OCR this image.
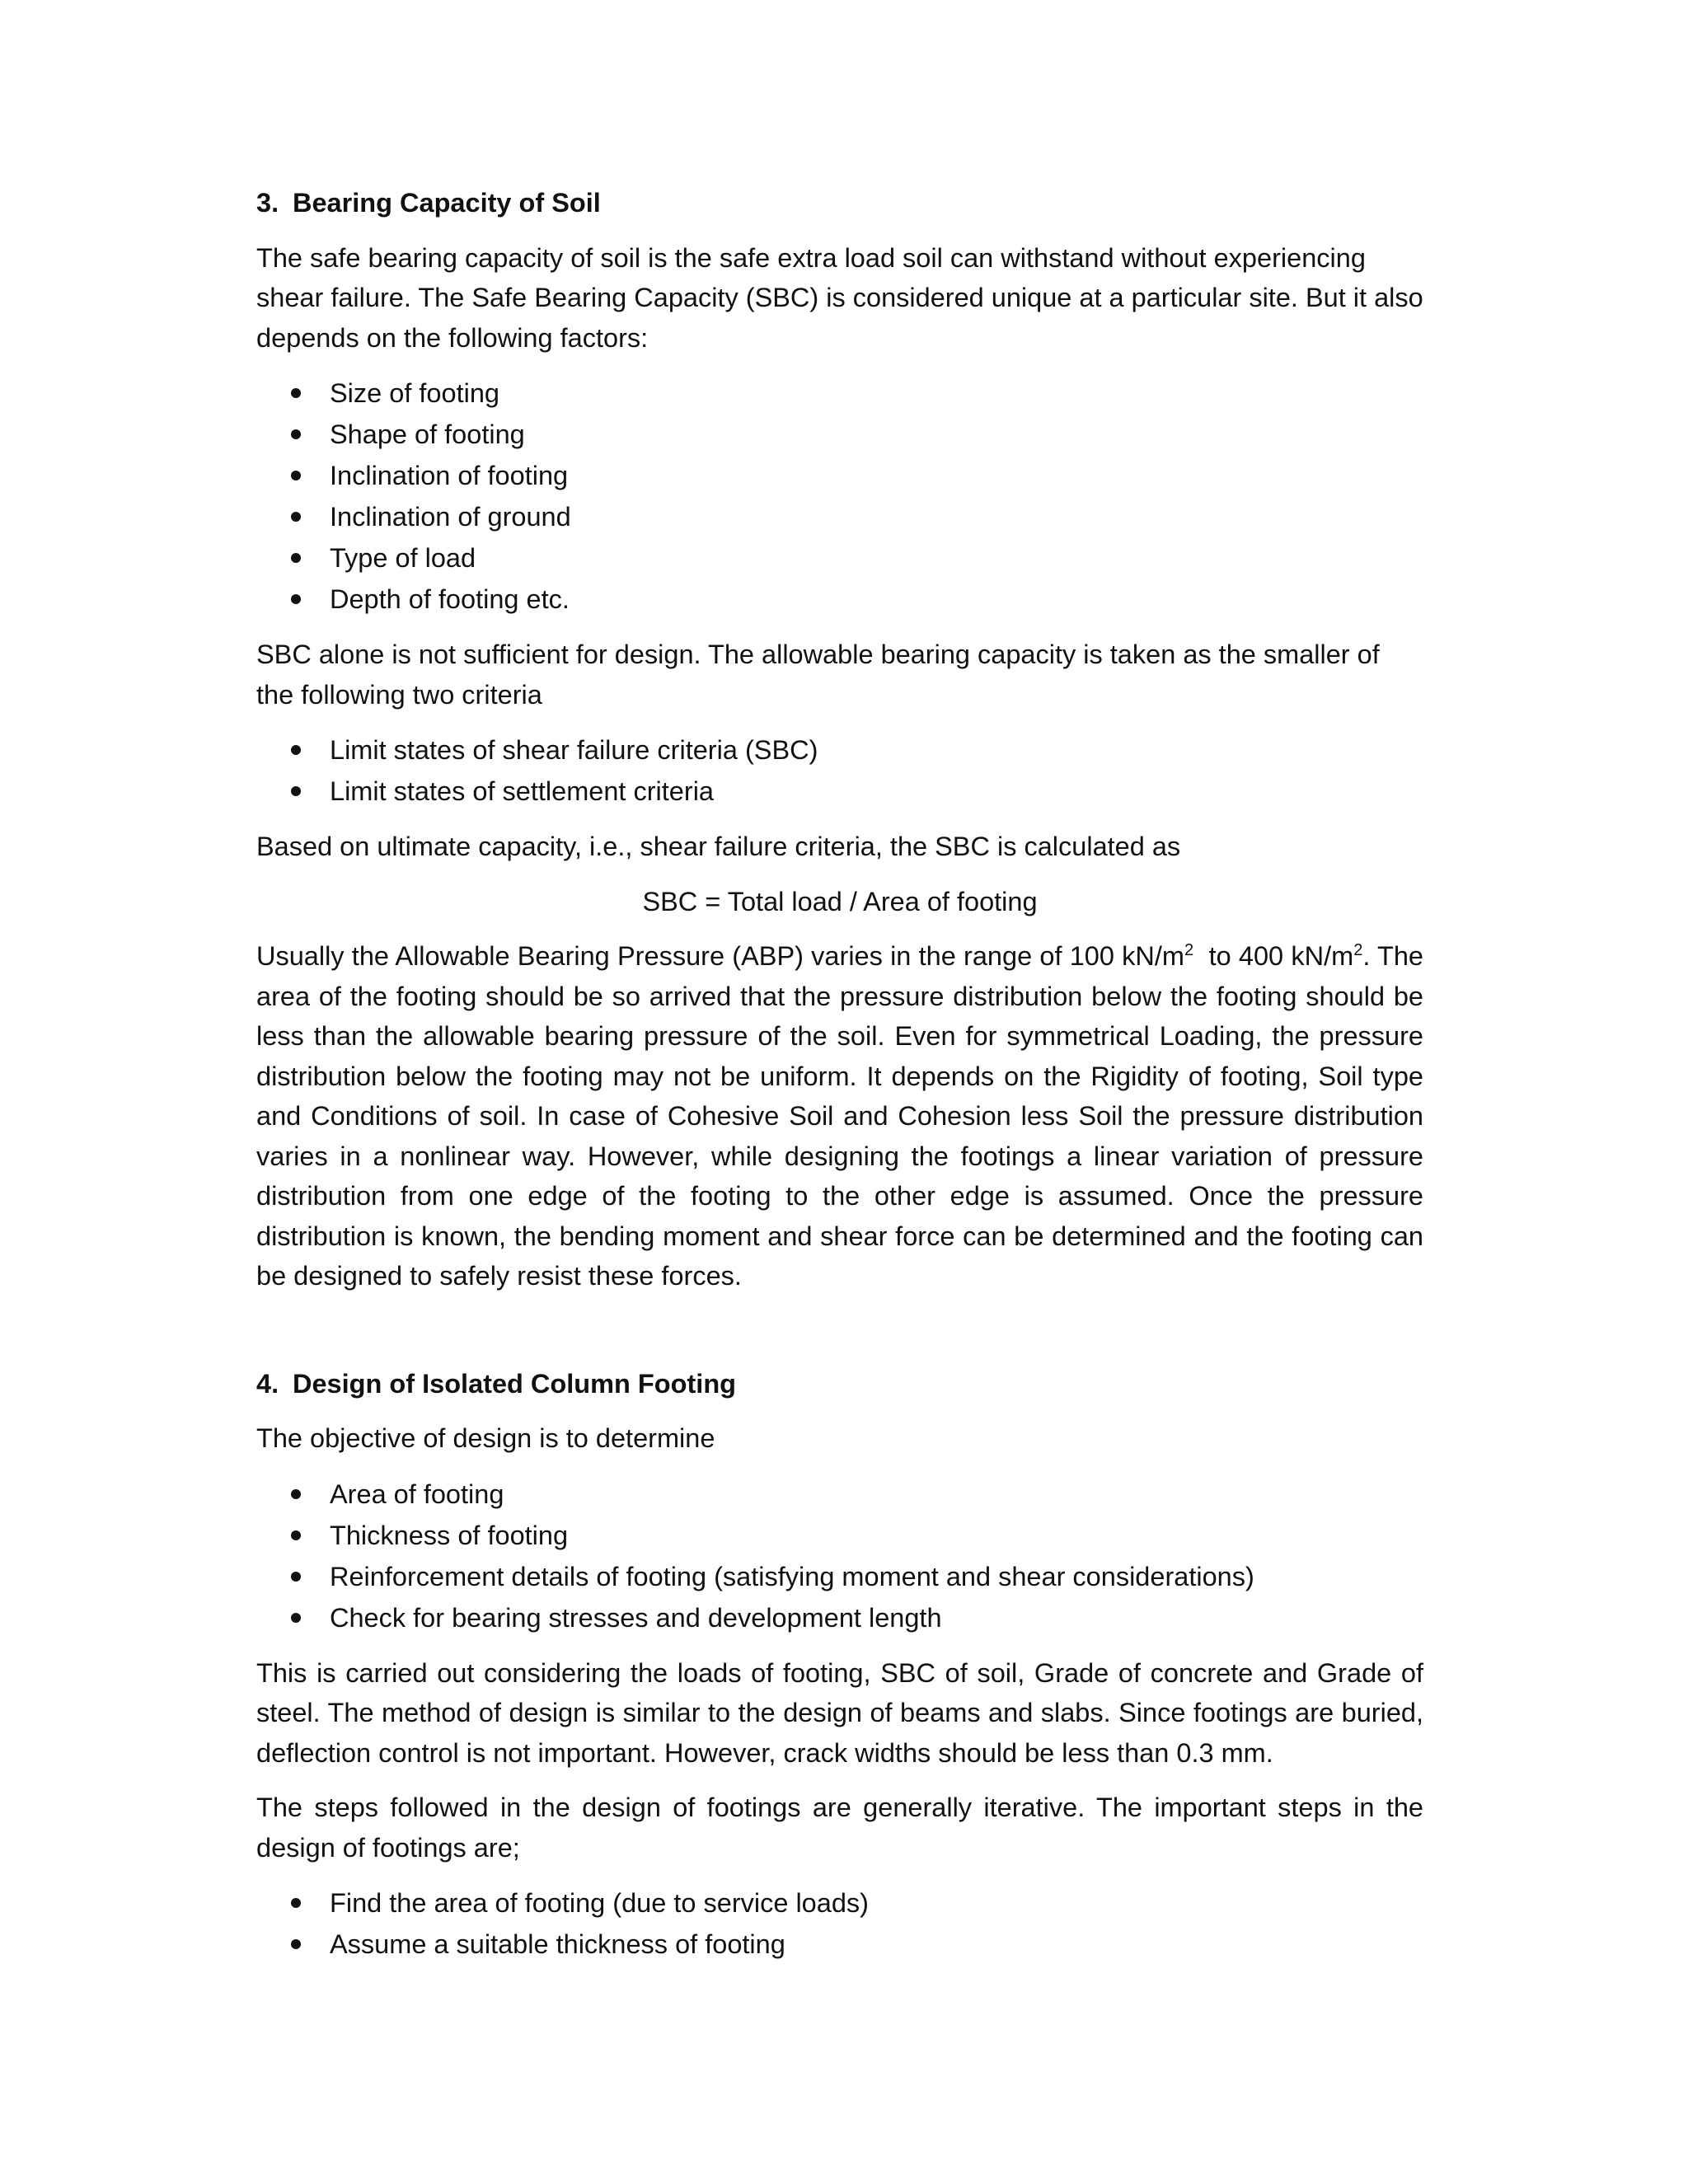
3. Bearing Capacity of Soil

The safe bearing capacity of soil is the safe extra load soil can withstand without experiencing shear failure. The Safe Bearing Capacity (SBC) is considered unique at a particular site. But it also depends on the following factors:

Size of footing
Shape of footing
Inclination of footing
Inclination of ground
Type of load
Depth of footing etc.

SBC alone is not sufficient for design. The allowable bearing capacity is taken as the smaller of the following two criteria

Limit states of shear failure criteria (SBC)
Limit states of settlement criteria

Based on ultimate capacity, i.e., shear failure criteria, the SBC is calculated as

SBC = Total load / Area of footing

Usually the Allowable Bearing Pressure (ABP) varies in the range of 100 $kN/m^2$  to 400 $kN/m^2$. The area of the footing should be so arrived that the pressure distribution below the footing should be less than the allowable bearing pressure of the soil. Even for symmetrical Loading, the pressure distribution below the footing may not be uniform. It depends on the Rigidity of footing, Soil type and Conditions of soil. In case of Cohesive Soil and Cohesion less Soil the pressure distribution varies in a nonlinear way. However, while designing the footings a linear variation of pressure distribution from one edge of the footing to the other edge is assumed. Once the pressure distribution is known, the bending moment and shear force can be determined and the footing can be designed to safely resist these forces.

4. Design of Isolated Column Footing

The objective of design is to determine

Area of footing
Thickness of footing
Reinforcement details of footing (satisfying moment and shear considerations)
Check for bearing stresses and development length

This is carried out considering the loads of footing, SBC of soil, Grade of concrete and Grade of steel. The method of design is similar to the design of beams and slabs. Since footings are buried, deflection control is not important. However, crack widths should be less than 0.3 mm.

The steps followed in the design of footings are generally iterative. The important steps in the design of footings are;

Find the area of footing (due to service loads)
Assume a suitable thickness of footing
